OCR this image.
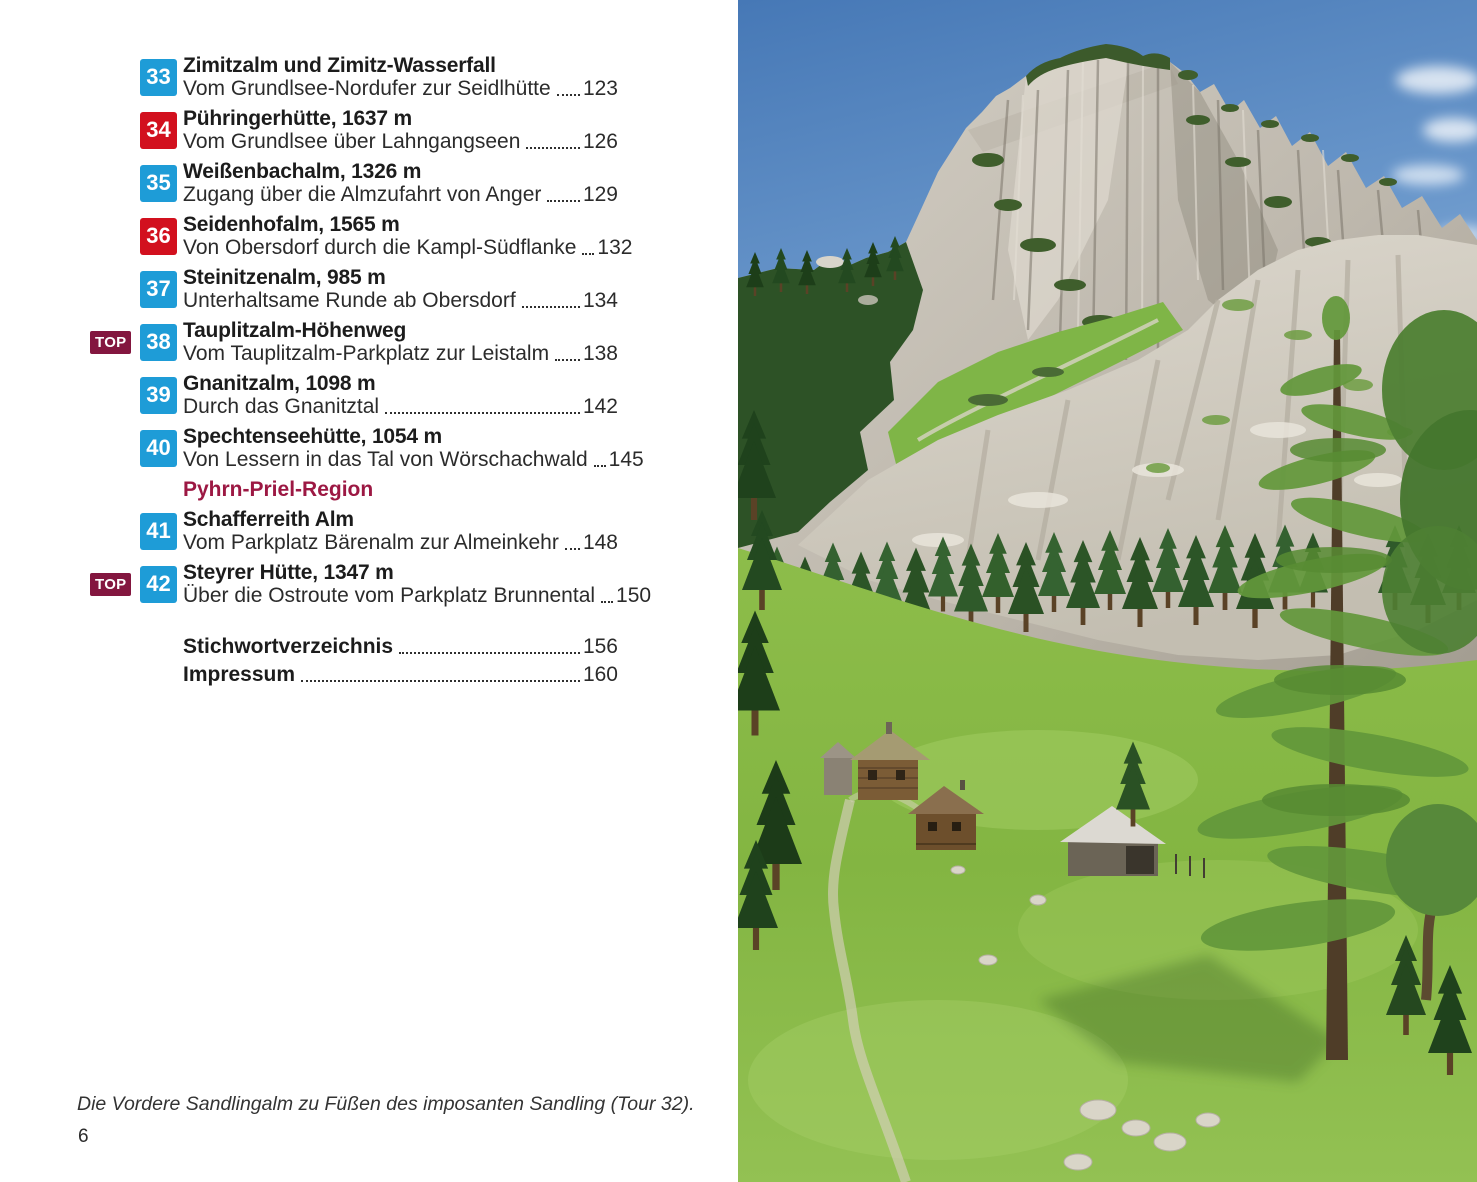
33 Zimitzalm und Zimitz-Wasserfall
Vom Grundlsee-Nordufer zur Seidlhütte 123
34 Pühringerhütte, 1637 m
Vom Grundlsee über Lahngangseen	126
35 Weißenbachalm, 1326 m
Zugang über die Almzufahrt von Anger 129
36 Seidenhofalm, 1565 m
Von Obersdorf durch die Kampl-Südflanke 132
37 Steinitzenalm, 985 m
Unterhaltsame Runde ab Obersdorf	134
TOP 38 Tauplitzalm-Höhenweg
Vom Tauplitzalm-Parkplatz zur Leistalm 138
39 Gnanitzalm, 1098 m
Durch das Gnanitztal	142
40 Spechtenseehütte, 1054 m
Von Lessern in das Tal von Wörschachwald 145
Pyhrn-Priel-Region
41 Schafferreith Alm
Vom Parkplatz Bärenalm zur Almeinkehr 148
TOP 42 Steyrer Hütte, 1347 m
Über die Ostroute vom Parkplatz Brunnental 150
Stichwortverzeichnis	156
Impressum	160
Die Vordere Sandlingalm zu Füßen des imposanten Sandling (Tour 32).
6
